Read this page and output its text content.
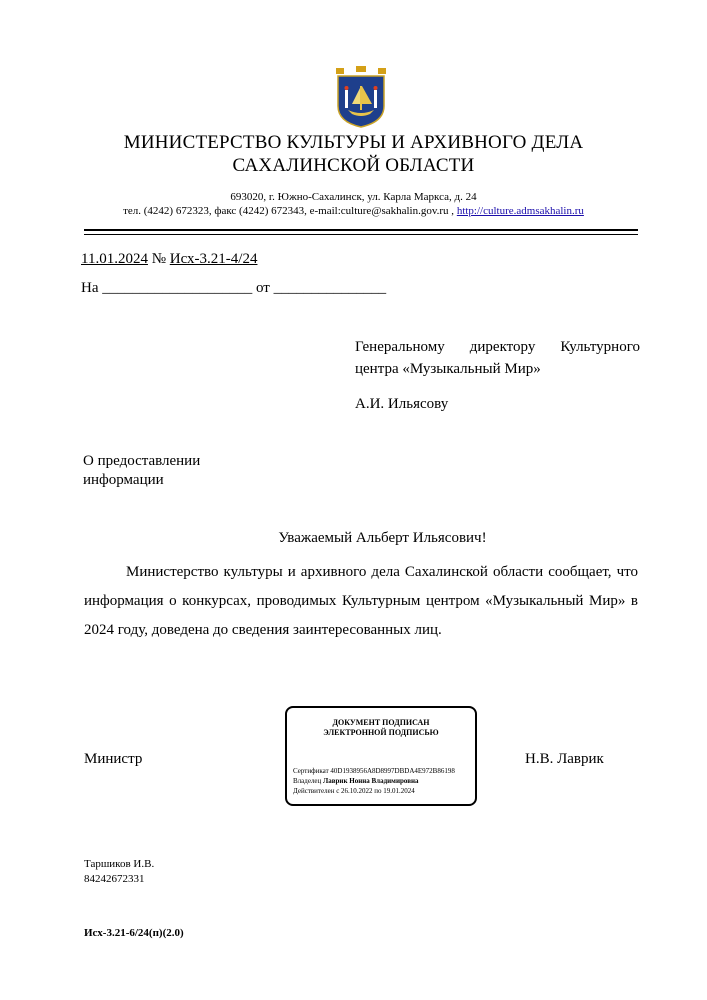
МИНИСТЕРСТВО КУЛЬТУРЫ И АРХИВНОГО ДЕЛА
САХАЛИНСКОЙ ОБЛАСТИ
693020, г. Южно-Сахалинск, ул. Карла Маркса, д. 24
тел. (4242) 672323, факс (4242) 672343, e-mail:culture@sakhalin.gov.ru , http://culture.admsakhalin.ru
11.01.2024 № Исх-3.21-4/24
На ____________________ от _______________
Генеральному директору Культурного центра «Музыкальный Мир»
А.И. Ильясову
О предоставлении
информации
Уважаемый Альберт Ильясович!
Министерство культуры и архивного дела Сахалинской области сообщает, что информация о конкурсах, проводимых Культурным центром «Музыкальный Мир» в 2024 году, доведена до сведения заинтересованных лиц.
Министр
ДОКУМЕНТ ПОДПИСАН
ЭЛЕКТРОННОЙ ПОДПИСЬЮ
Сертификат 40D1938956A8D8997DBDA4E972B86198
Владелец Лаврик Нонна Владимировна
Действителен с 26.10.2022 по 19.01.2024
Н.В. Лаврик
Таршиков И.В.
84242672331
Исх-3.21-6/24(п)(2.0)
